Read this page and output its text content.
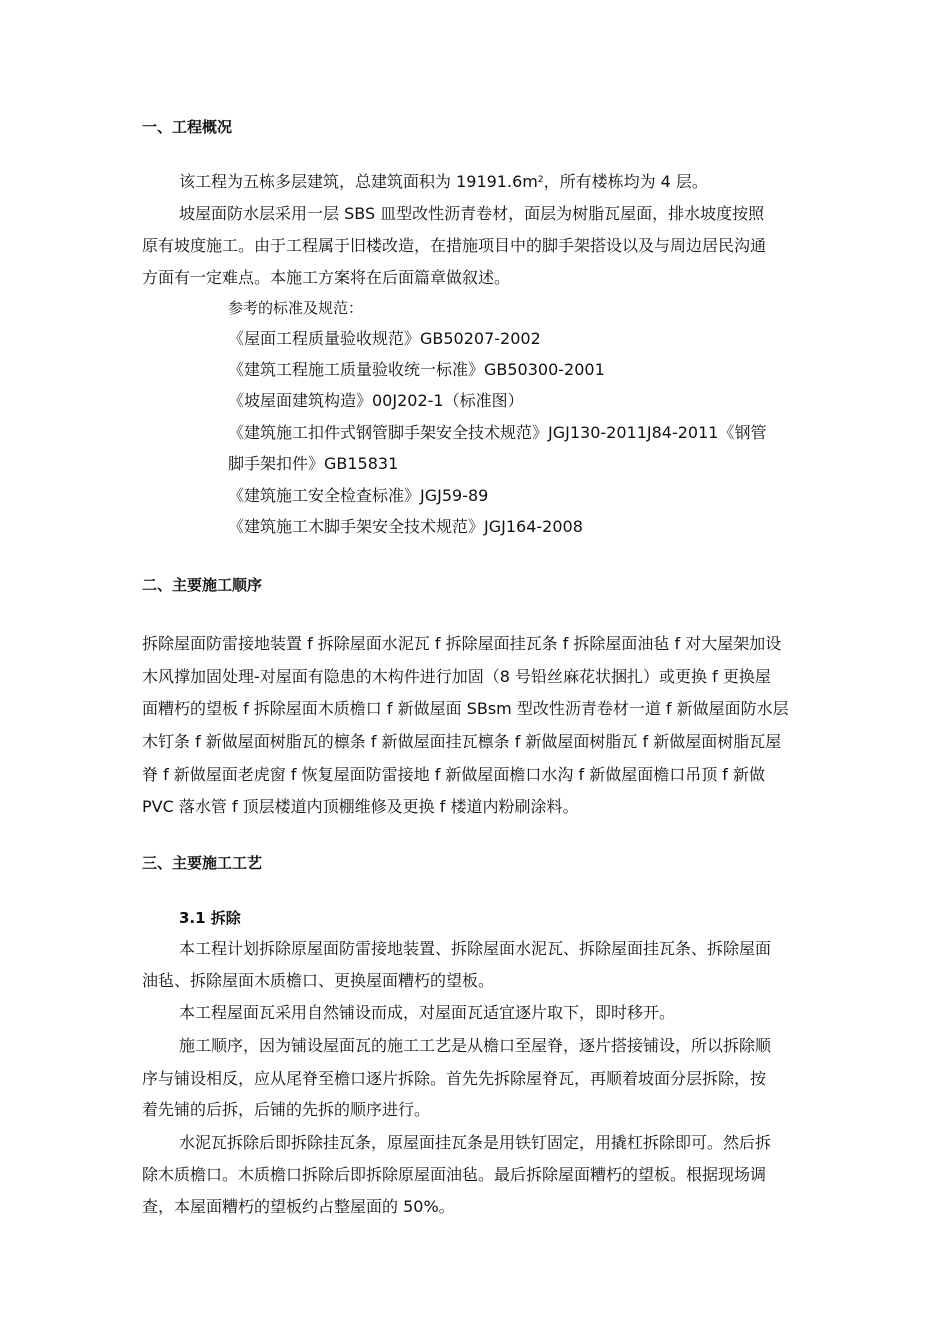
一、工程概况
该工程为五栋多层建筑，总建筑面积为 $19191.6m^2$，所有楼栋均为 4 层。
坡屋面防水层采用一层 SBS 皿型改性沥青卷材，面层为树脂瓦屋面，排水坡度按照
原有坡度施工。由于工程属于旧楼改造，在措施项目中的脚手架搭设以及与周边居民沟通
方面有一定难点。本施工方案将在后面篇章做叙述。
参考的标准及规范：
《屋面工程质量验收规范》GB50207-2002
《建筑工程施工质量验收统一标准》GB50300-2001
《坡屋面建筑构造》00J202-1（标准图）
《建筑施工扣件式钢管脚手架安全技术规范》JGJ130-2011J84-2011《钢管
脚手架扣件》GB15831
《建筑施工安全检查标准》JGJ59-89
《建筑施工木脚手架安全技术规范》JGJ164-2008
二、主要施工顺序
拆除屋面防雷接地装置 f 拆除屋面水泥瓦 f 拆除屋面挂瓦条 f 拆除屋面油毡 f 对大屋架加设
木风撑加固处理-对屋面有隐患的木构件进行加固（8 号铅丝麻花状捆扎）或更换 f 更换屋
面糟朽的望板 f 拆除屋面木质檐口 f 新做屋面 SBsm 型改性沥青卷材一道 f 新做屋面防水层
木钉条 f 新做屋面树脂瓦的檩条 f 新做屋面挂瓦檩条 f 新做屋面树脂瓦 f 新做屋面树脂瓦屋
脊 f 新做屋面老虎窗 f 恢复屋面防雷接地 f 新做屋面檐口水沟 f 新做屋面檐口吊顶 f 新做
PVC 落水管 f 顶层楼道内顶棚维修及更换 f 楼道内粉刷涂料。
三、主要施工工艺
3.1 拆除
本工程计划拆除原屋面防雷接地装置、拆除屋面水泥瓦、拆除屋面挂瓦条、拆除屋面
油毡、拆除屋面木质檐口、更换屋面糟朽的望板。
本工程屋面瓦采用自然铺设而成，对屋面瓦适宜逐片取下，即时移开。
施工顺序，因为铺设屋面瓦的施工工艺是从檐口至屋脊，逐片搭接铺设，所以拆除顺
序与铺设相反，应从尾脊至檐口逐片拆除。首先先拆除屋脊瓦，再顺着坡面分层拆除，按
着先铺的后拆，后铺的先拆的顺序进行。
水泥瓦拆除后即拆除挂瓦条，原屋面挂瓦条是用铁钉固定，用撬杠拆除即可。然后拆
除木质檐口。木质檐口拆除后即拆除原屋面油毡。最后拆除屋面糟朽的望板。根据现场调
查，本屋面糟朽的望板约占整屋面的 50%。
